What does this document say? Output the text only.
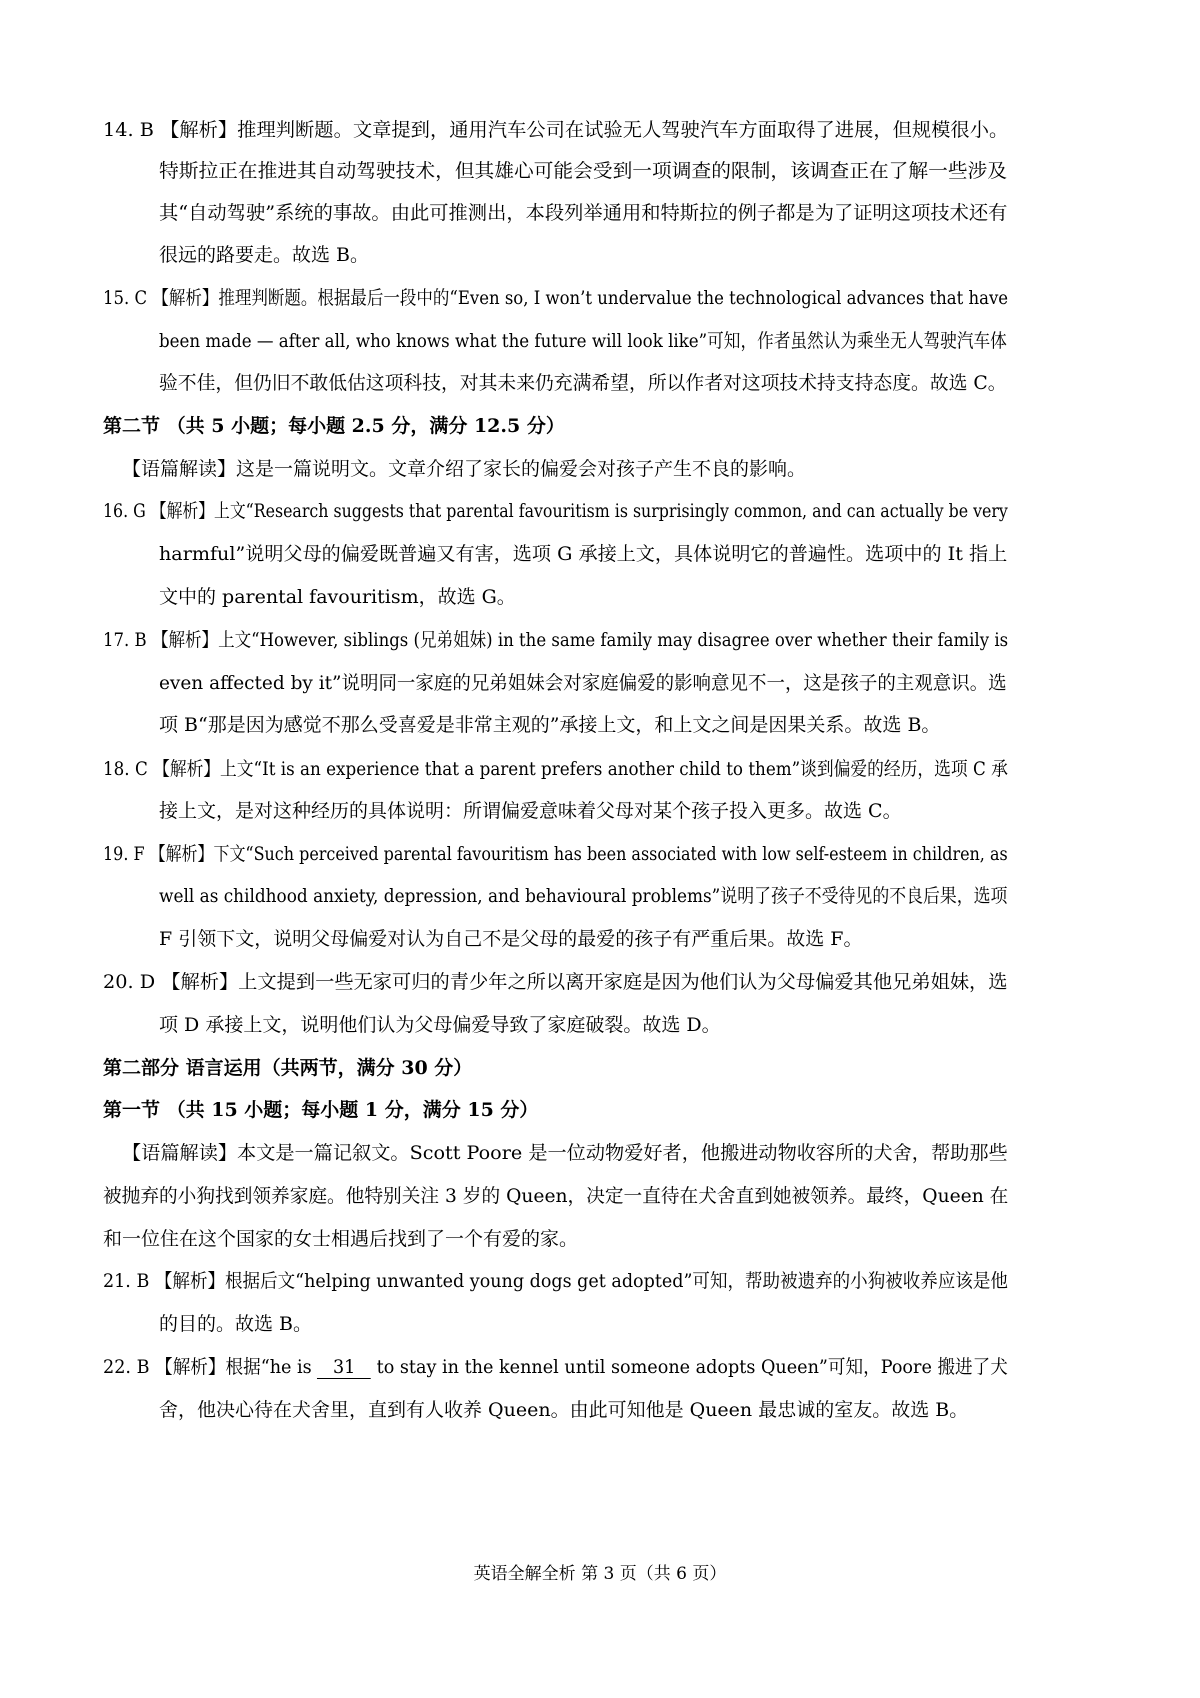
14. B 【解析】推理判断题。文章提到，通用汽车公司在试验无人驾驶汽车方面取得了进展，但规模很小。
特斯拉正在推进其自动驾驶技术，但其雄心可能会受到一项调查的限制，该调查正在了解一些涉及
其“自动驾驶”系统的事故。由此可推测出，本段列举通用和特斯拉的例子都是为了证明这项技术还有
很远的路要走。故选 B。
15. C 【解析】推理判断题。根据最后一段中的“Even so, I won’t undervalue the technological advances that have
been made — after all, who knows what the future will look like”可知，作者虽然认为乘坐无人驾驶汽车体
验不佳，但仍旧不敢低估这项科技，对其未来仍充满希望，所以作者对这项技术持支持态度。故选 C。
第二节 （共 5 小题；每小题 2.5 分，满分 12.5 分）
【语篇解读】这是一篇说明文。文章介绍了家长的偏爱会对孩子产生不良的影响。
16. G 【解析】上文“Research suggests that parental favouritism is surprisingly common, and can actually be very
harmful”说明父母的偏爱既普遍又有害，选项 G 承接上文，具体说明它的普遍性。选项中的 It 指上
文中的 parental favouritism，故选 G。
17. B 【解析】上文“However, siblings (兄弟姐妹) in the same family may disagree over whether their family is
even affected by it”说明同一家庭的兄弟姐妹会对家庭偏爱的影响意见不一，这是孩子的主观意识。选
项 B“那是因为感觉不那么受喜爱是非常主观的”承接上文，和上文之间是因果关系。故选 B。
18. C 【解析】上文“It is an experience that a parent prefers another child to them”谈到偏爱的经历，选项 C 承
接上文，是对这种经历的具体说明：所谓偏爱意味着父母对某个孩子投入更多。故选 C。
19. F 【解析】下文“Such perceived parental favouritism has been associated with low self-esteem in children, as
well as childhood anxiety, depression, and behavioural problems”说明了孩子不受待见的不良后果，选项
F 引领下文，说明父母偏爱对认为自己不是父母的最爱的孩子有严重后果。故选 F。
20. D 【解析】上文提到一些无家可归的青少年之所以离开家庭是因为他们认为父母偏爱其他兄弟姐妹，选
项 D 承接上文，说明他们认为父母偏爱导致了家庭破裂。故选 D。
第二部分 语言运用（共两节，满分 30 分）
第一节 （共 15 小题；每小题 1 分，满分 15 分）
【语篇解读】本文是一篇记叙文。Scott Poore 是一位动物爱好者，他搬进动物收容所的犬舍，帮助那些
被抛弃的小狗找到领养家庭。他特别关注 3 岁的 Queen，决定一直待在犬舍直到她被领养。最终，Queen 在
和一位住在这个国家的女士相遇后找到了一个有爱的家。
21. B 【解析】根据后文“helping unwanted young dogs get adopted”可知，帮助被遗弃的小狗被收养应该是他
的目的。故选 B。
22. B 【解析】根据“he is 31 to stay in the kennel until someone adopts Queen”可知，Poore 搬进了犬
舍，他决心待在犬舍里，直到有人收养 Queen。由此可知他是 Queen 最忠诚的室友。故选 B。
英语全解全析 第 3 页（共 6 页）
